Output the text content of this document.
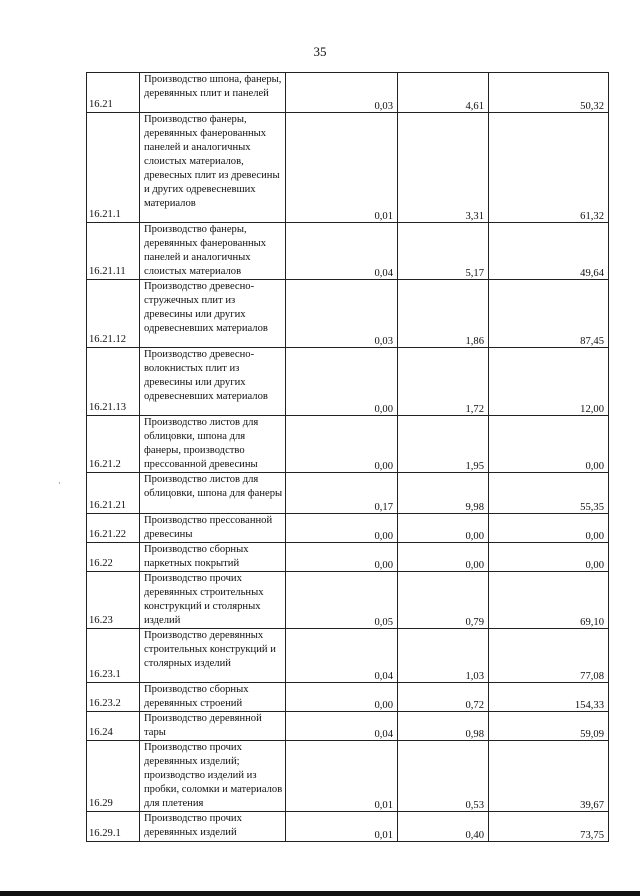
35
16.21	Производство шпона, фанеры, деревянных плит и панелей	0,03	4,61	50,32
16.21.1	Производство фанеры, деревянных фанерованных панелей и аналогичных слоистых материалов, древесных плит из древесины и других одревесневших материалов	0,01	3,31	61,32
16.21.11	Производство фанеры, деревянных фанерованных панелей и аналогичных слоистых материалов	0,04	5,17	49,64
16.21.12	Производство древесно-стружечных плит из древесины или других одревесневших материалов	0,03	1,86	87,45
16.21.13	Производство древесно-волокнистых плит из древесины или других одревесневших материалов	0,00	1,72	12,00
16.21.2	Производство листов для облицовки, шпона для фанеры, производство прессованной древесины	0,00	1,95	0,00
16.21.21	Производство листов для облицовки, шпона для фанеры	0,17	9,98	55,35
16.21.22	Производство прессованной древесины	0,00	0,00	0,00
16.22	Производство сборных паркетных покрытий	0,00	0,00	0,00
16.23	Производство прочих деревянных строительных конструкций и столярных изделий	0,05	0,79	69,10
16.23.1	Производство деревянных строительных конструкций и столярных изделий	0,04	1,03	77,08
16.23.2	Производство сборных деревянных строений	0,00	0,72	154,33
16.24	Производство деревянной тары	0,04	0,98	59,09
16.29	Производство прочих деревянных изделий; производство изделий из пробки, соломки и материалов для плетения	0,01	0,53	39,67
16.29.1	Производство прочих деревянных изделий	0,01	0,40	73,75
·
